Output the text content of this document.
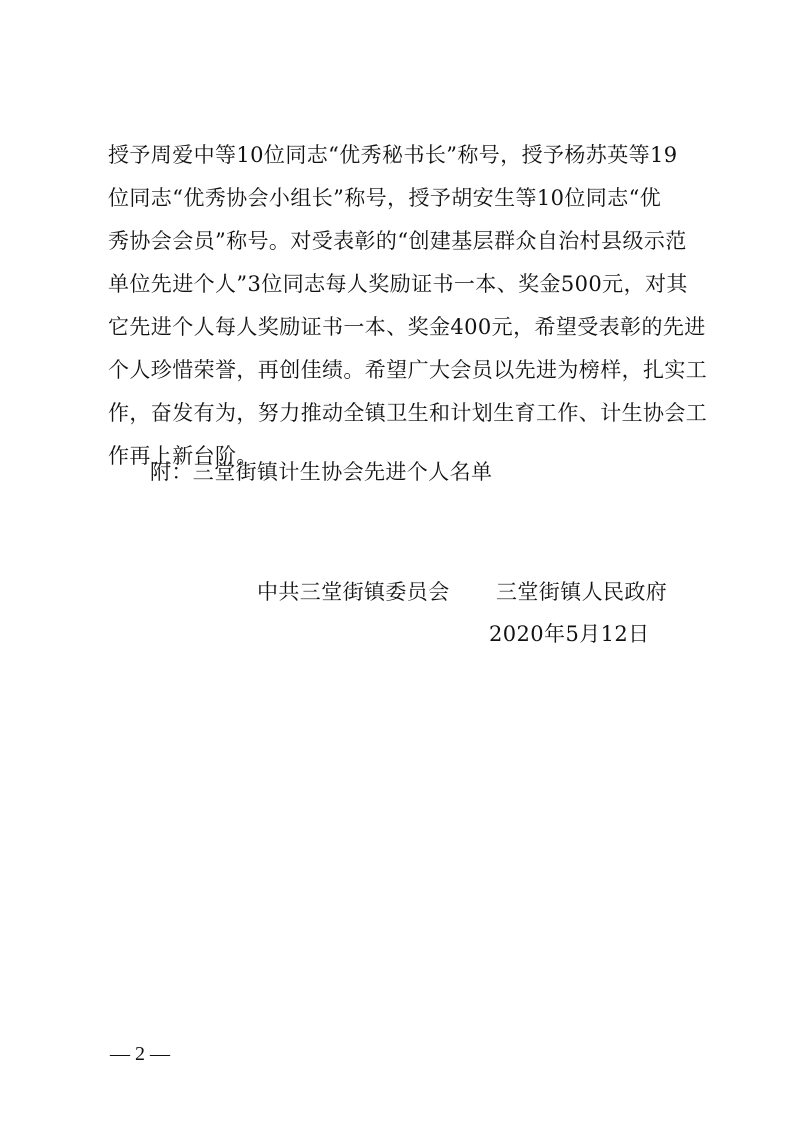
授予周爱中等10位同志“优秀秘书长”称号，授予杨苏英等19
位同志“优秀协会小组长”称号，授予胡安生等10位同志“优
秀协会会员”称号。对受表彰的“创建基层群众自治村县级示范
单位先进个人”3位同志每人奖励证书一本、奖金500元，对其
它先进个人每人奖励证书一本、奖金400元，希望受表彰的先进
个人珍惜荣誉，再创佳绩。希望广大会员以先进为榜样，扎实工
作，奋发有为，努力推动全镇卫生和计划生育工作、计生协会工
作再上新台阶。
附：三堂街镇计生协会先进个人名单
中共三堂街镇委员会 三堂街镇人民政府
2020年5月12日
— 2 —
